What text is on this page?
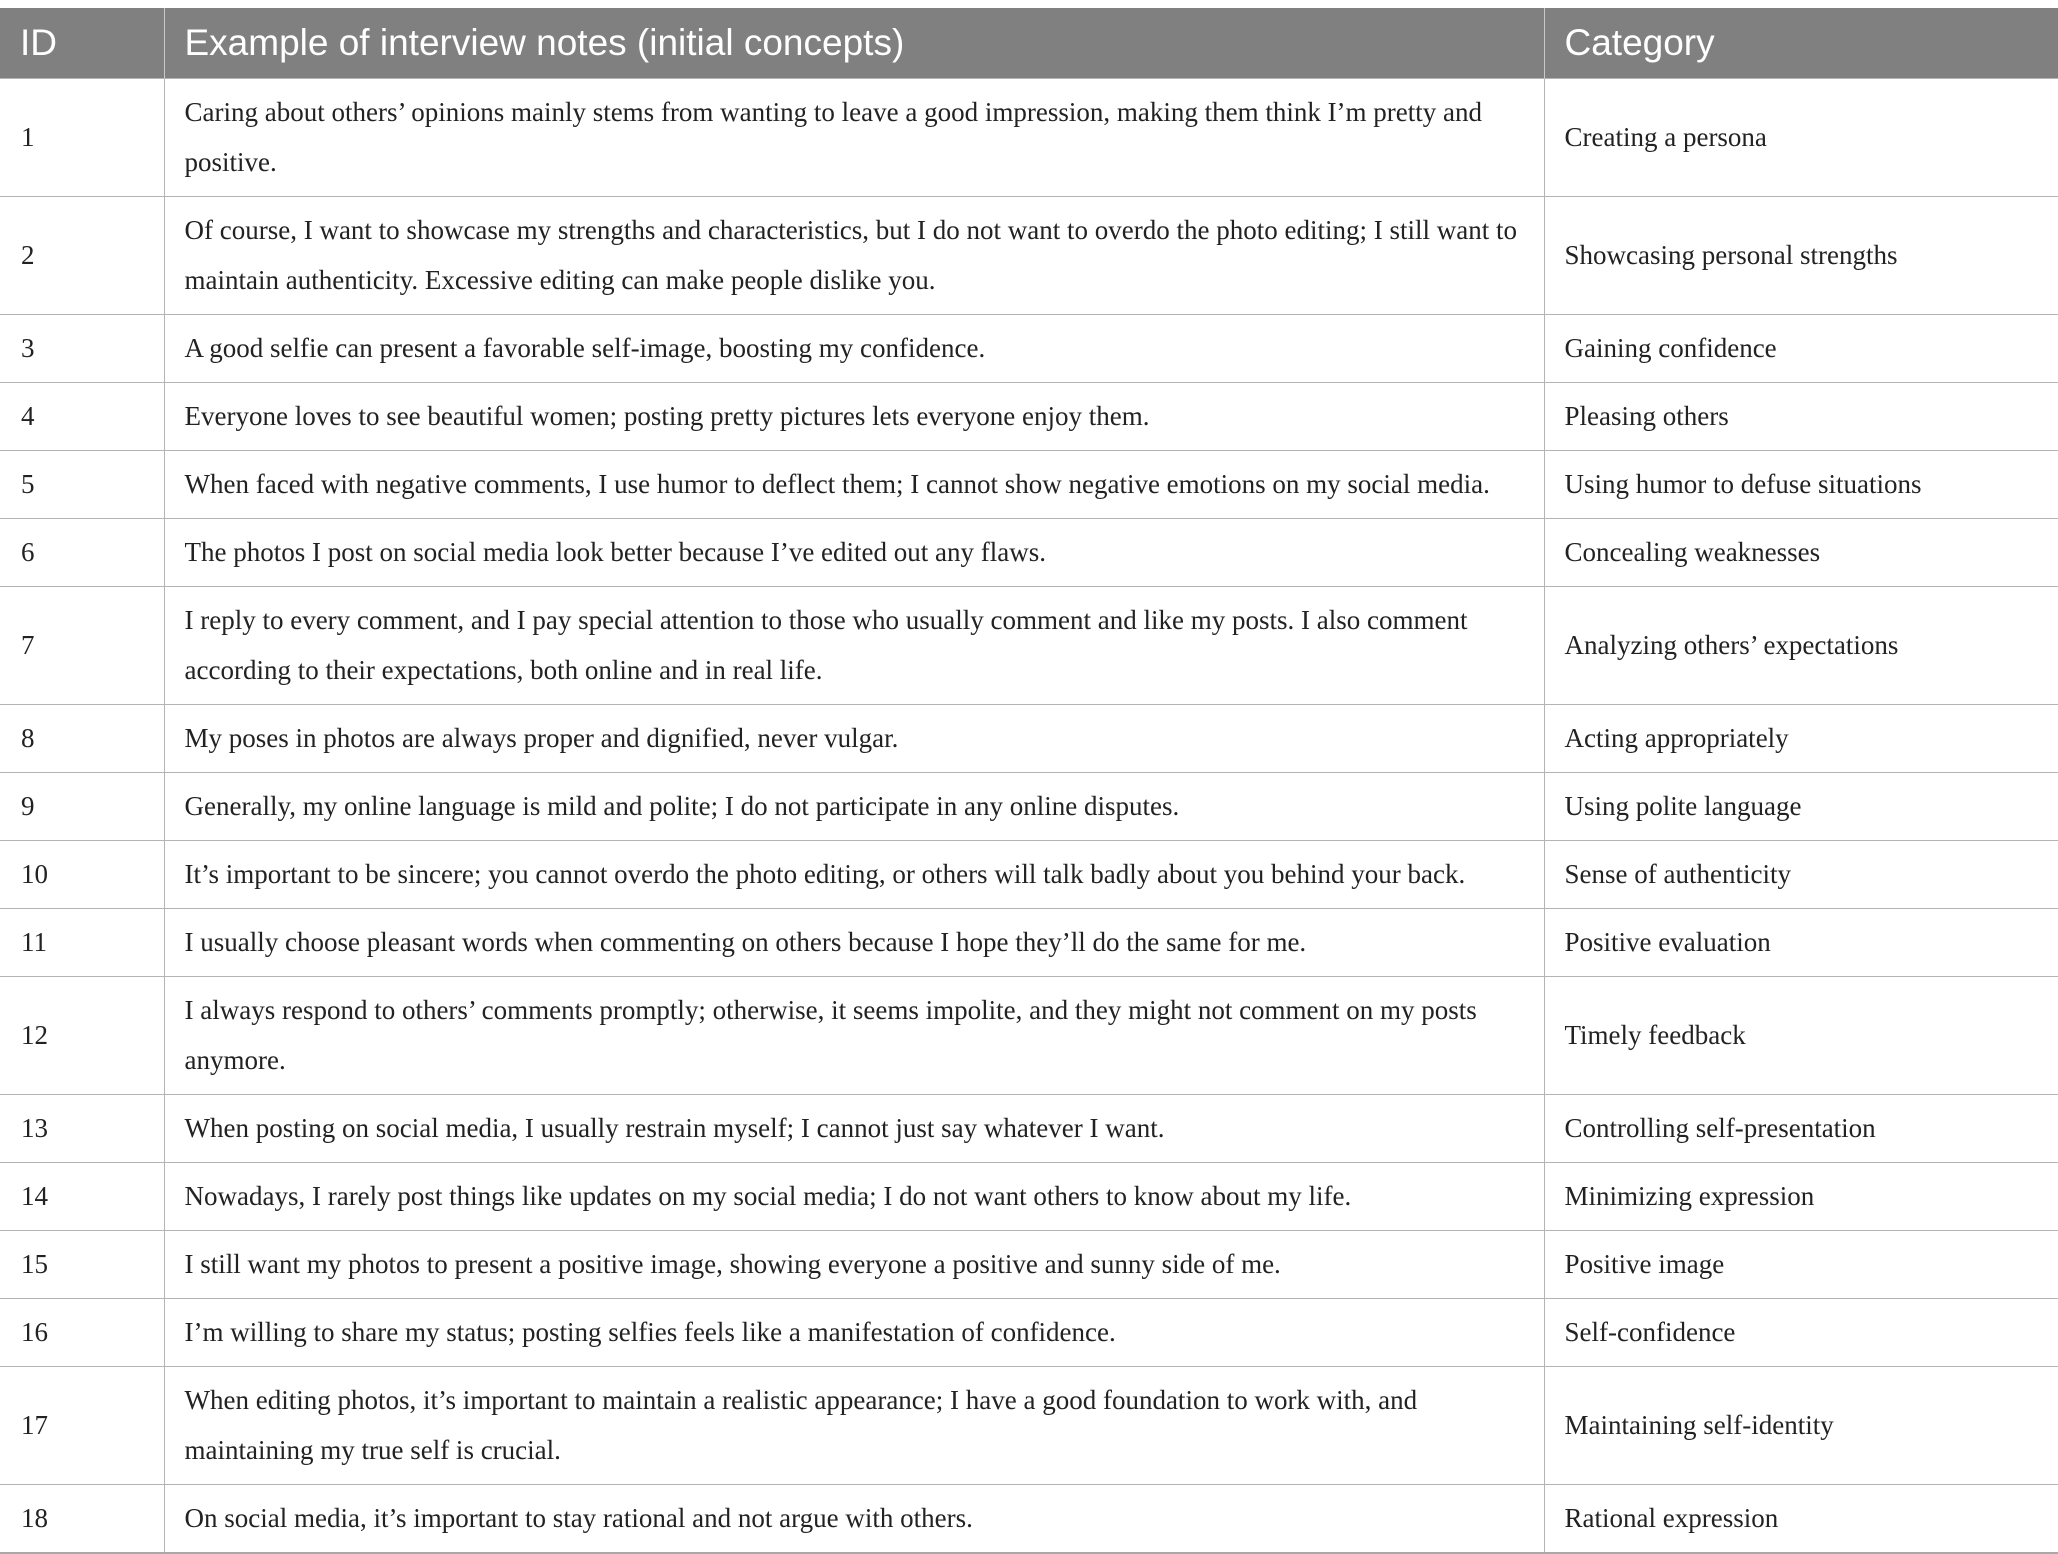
ID	Example of interview notes (initial concepts)	Category
1	Caring about others’ opinions mainly stems from wanting to leave a good impression, making them think I’m pretty and positive.	Creating a persona
2	Of course, I want to showcase my strengths and characteristics, but I do not want to overdo the photo editing; I still want to maintain authenticity. Excessive editing can make people dislike you.	Showcasing personal strengths
3	A good selfie can present a favorable self-image, boosting my confidence.	Gaining confidence
4	Everyone loves to see beautiful women; posting pretty pictures lets everyone enjoy them.	Pleasing others
5	When faced with negative comments, I use humor to deflect them; I cannot show negative emotions on my social media.	Using humor to defuse situations
6	The photos I post on social media look better because I’ve edited out any flaws.	Concealing weaknesses
7	I reply to every comment, and I pay special attention to those who usually comment and like my posts. I also comment according to their expectations, both online and in real life.	Analyzing others’ expectations
8	My poses in photos are always proper and dignified, never vulgar.	Acting appropriately
9	Generally, my online language is mild and polite; I do not participate in any online disputes.	Using polite language
10	It’s important to be sincere; you cannot overdo the photo editing, or others will talk badly about you behind your back.	Sense of authenticity
11	I usually choose pleasant words when commenting on others because I hope they’ll do the same for me.	Positive evaluation
12	I always respond to others’ comments promptly; otherwise, it seems impolite, and they might not comment on my posts anymore.	Timely feedback
13	When posting on social media, I usually restrain myself; I cannot just say whatever I want.	Controlling self-presentation
14	Nowadays, I rarely post things like updates on my social media; I do not want others to know about my life.	Minimizing expression
15	I still want my photos to present a positive image, showing everyone a positive and sunny side of me.	Positive image
16	I’m willing to share my status; posting selfies feels like a manifestation of confidence.	Self-confidence
17	When editing photos, it’s important to maintain a realistic appearance; I have a good foundation to work with, and maintaining my true self is crucial.	Maintaining self-identity
18	On social media, it’s important to stay rational and not argue with others.	Rational expression
